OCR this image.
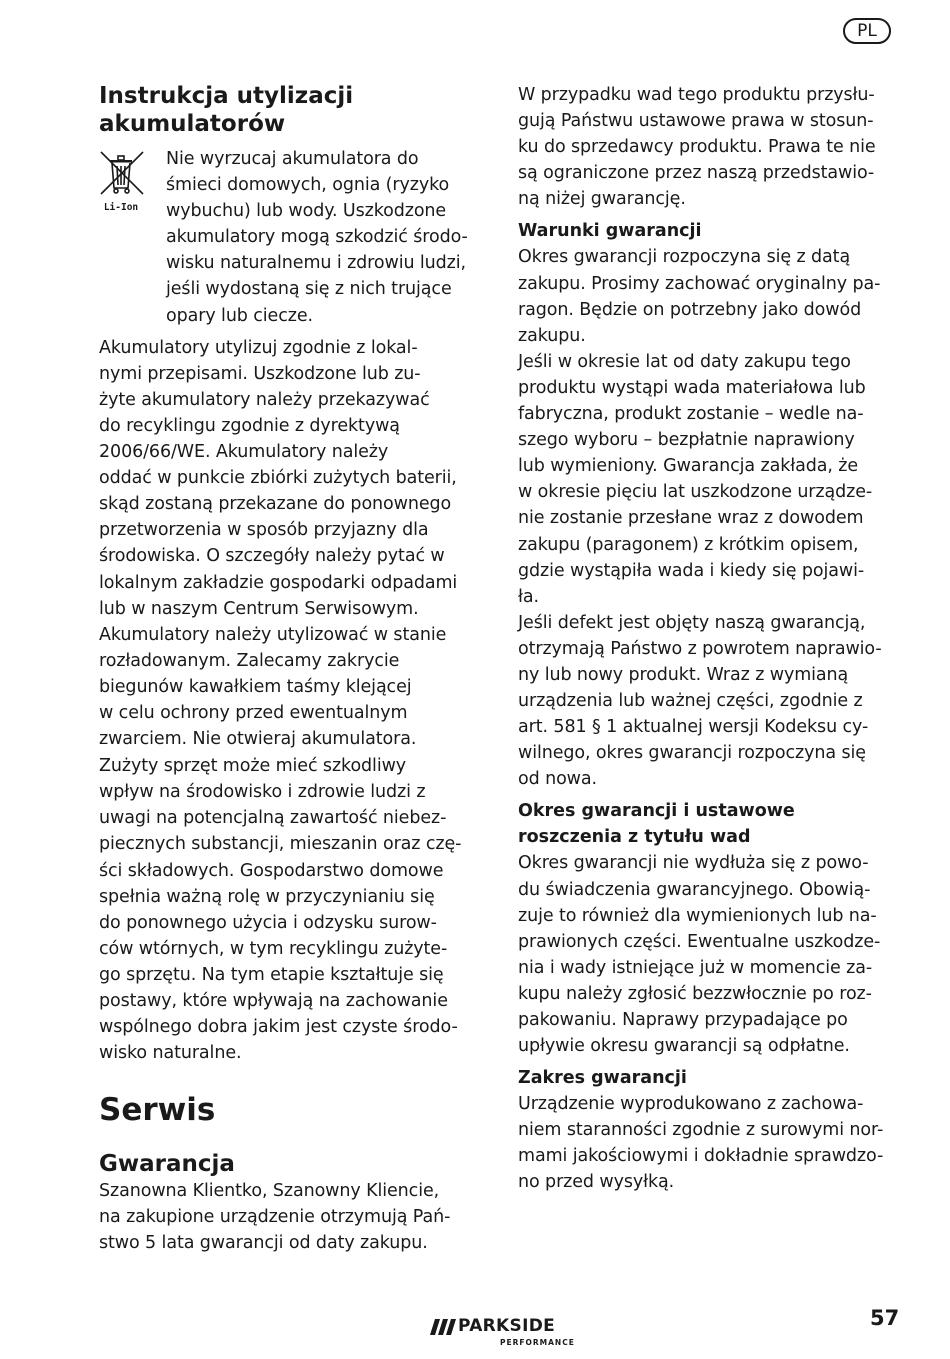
PL
Instrukcja utylizacji
akumulatorów
Li-Ion

Nie wyrzucaj akumulatora do

śmieci domowych, ognia (ryzyko

wybuchu) lub wody. Uszkodzone

akumulatory mogą szkodzić środo-

wisku naturalnemu i zdrowiu ludzi,

jeśli wydostaną się z nich trujące

opary lub ciecze.

Akumulatory utylizuj zgodnie z lokal-

nymi przepisami. Uszkodzone lub zu-

żyte akumulatory należy przekazywać

do recyklingu zgodnie z dyrektywą

2006/66/WE. Akumulatory należy

oddać w punkcie zbiórki zużytych baterii,

skąd zostaną przekazane do ponownego

przetworzenia w sposób przyjazny dla

środowiska. O szczegóły należy pytać w

lokalnym zakładzie gospodarki odpadami

lub w naszym Centrum Serwisowym.

Akumulatory należy utylizować w stanie

rozładowanym. Zalecamy zakrycie

biegunów kawałkiem taśmy klejącej

w celu ochrony przed ewentualnym

zwarciem. Nie otwieraj akumulatora.

Zużyty sprzęt może mieć szkodliwy

wpływ na środowisko i zdrowie ludzi z

uwagi na potencjalną zawartość niebez-

piecznych substancji, mieszanin oraz czę-

ści składowych. Gospodarstwo domowe

spełnia ważną rolę w przyczynianiu się

do ponownego użycia i odzysku surow-

ców wtórnych, w tym recyklingu zużyte-

go sprzętu. Na tym etapie kształtuje się

postawy, które wpływają na zachowanie

wspólnego dobra jakim jest czyste środo-

wisko naturalne.

Serwis
Gwarancja

Szanowna Klientko, Szanowny Kliencie,

na zakupione urządzenie otrzymują Pań-

stwo 5 lata gwarancji od daty zakupu.

W przypadku wad tego produktu przysłu-

gują Państwu ustawowe prawa w stosun-

ku do sprzedawcy produktu. Prawa te nie

są ograniczone przez naszą przedstawio-

ną niżej gwarancję.

Warunki gwarancji

Okres gwarancji rozpoczyna się z datą

zakupu. Prosimy zachować oryginalny pa-

ragon. Będzie on potrzebny jako dowód

zakupu.

Jeśli w okresie lat od daty zakupu tego

produktu wystąpi wada materiałowa lub

fabryczna, produkt zostanie – wedle na-

szego wyboru – bezpłatnie naprawiony

lub wymieniony. Gwarancja zakłada, że

w okresie pięciu lat uszkodzone urządze-

nie zostanie przesłane wraz z dowodem

zakupu (paragonem) z krótkim opisem,

gdzie wystąpiła wada i kiedy się pojawi-

ła.

Jeśli defekt jest objęty naszą gwarancją,

otrzymają Państwo z powrotem naprawio-

ny lub nowy produkt. Wraz z wymianą

urządzenia lub ważnej części, zgodnie z

art. 581 § 1 aktualnej wersji Kodeksu cy-

wilnego, okres gwarancji rozpoczyna się

od nowa.

Okres gwarancji i ustawowe
roszczenia z tytułu wad

Okres gwarancji nie wydłuża się z powo-

du świadczenia gwarancyjnego. Obowią-

zuje to również dla wymienionych lub na-

prawionych części. Ewentualne uszkodze-

nia i wady istniejące już w momencie za-

kupu należy zgłosić bezzwłocznie po roz-

pakowaniu. Naprawy przypadające po

upływie okresu gwarancji są odpłatne.

Zakres gwarancji

Urządzenie wyprodukowano z zachowa-

niem staranności zgodnie z surowymi nor-

mami jakościowymi i dokładnie sprawdzo-

no przed wysyłką.

PARKSIDE
PERFORMANCE
57
